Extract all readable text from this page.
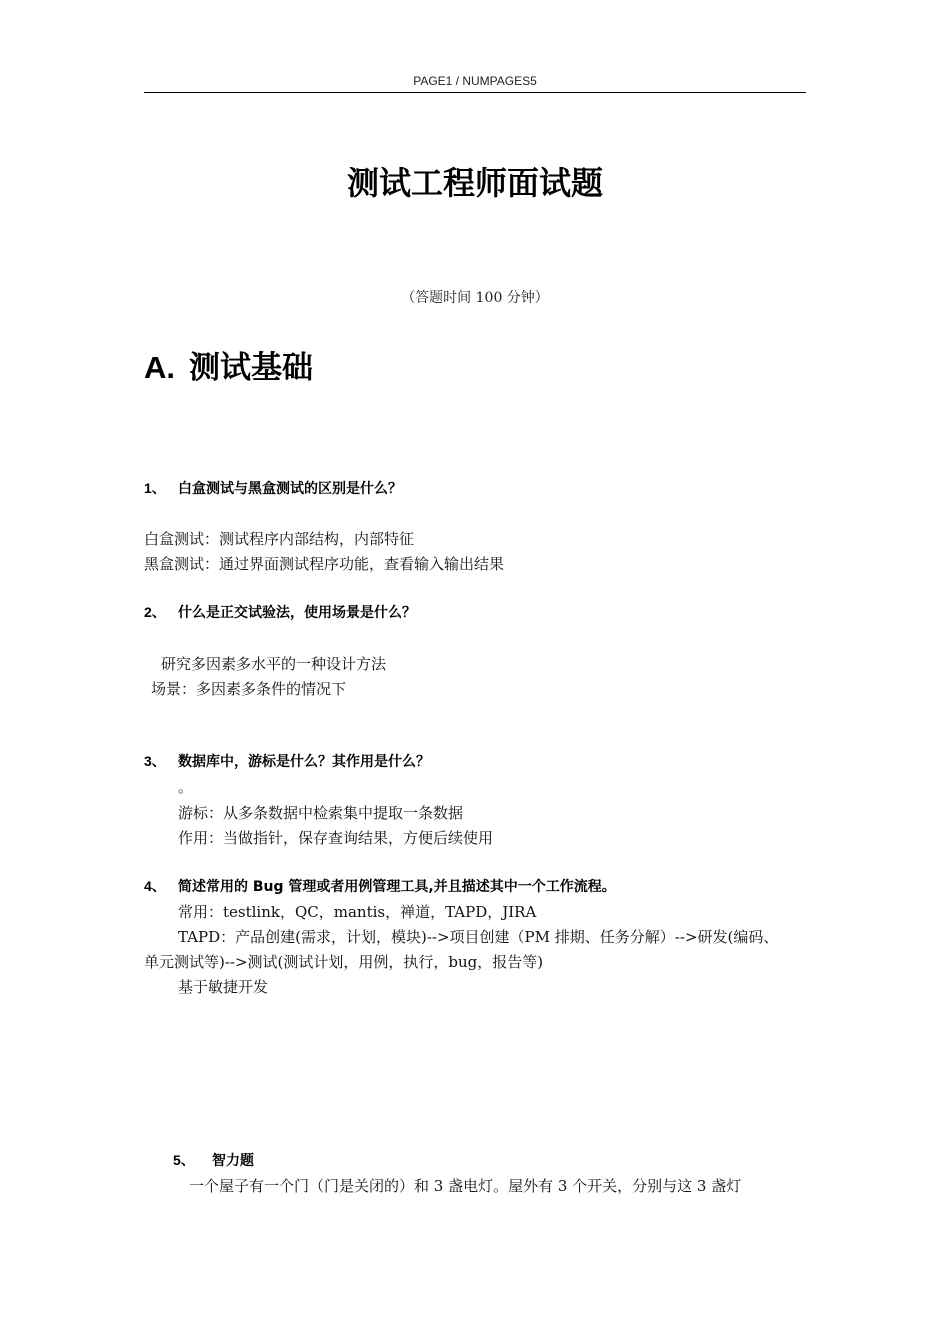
PAGE1 / NUMPAGES5
测试工程师面试题
（答题时间 100 分钟）
A. 测试基础
1、 白盒测试与黑盒测试的区别是什么？
白盒测试：测试程序内部结构，内部特征
黑盒测试：通过界面测试程序功能，查看输入输出结果
2、 什么是正交试验法，使用场景是什么？
研究多因素多水平的一种设计方法
场景：多因素多条件的情况下
3、 数据库中，游标是什么？其作用是什么？
。
游标：从多条数据中检索集中提取一条数据
作用：当做指针，保存查询结果，方便后续使用
4、 简述常用的 Bug 管理或者用例管理工具,并且描述其中一个工作流程。
常用：testlink，QC，mantis，禅道，TAPD，JIRA
TAPD：产品创建(需求，计划，模块)-->项目创建（PM 排期、任务分解）-->研发(编码、
单元测试等)-->测试(测试计划，用例，执行，bug，报告等)
基于敏捷开发
5、 智力题
一个屋子有一个门（门是关闭的）和 3 盏电灯。屋外有 3 个开关，分别与这 3 盏灯
